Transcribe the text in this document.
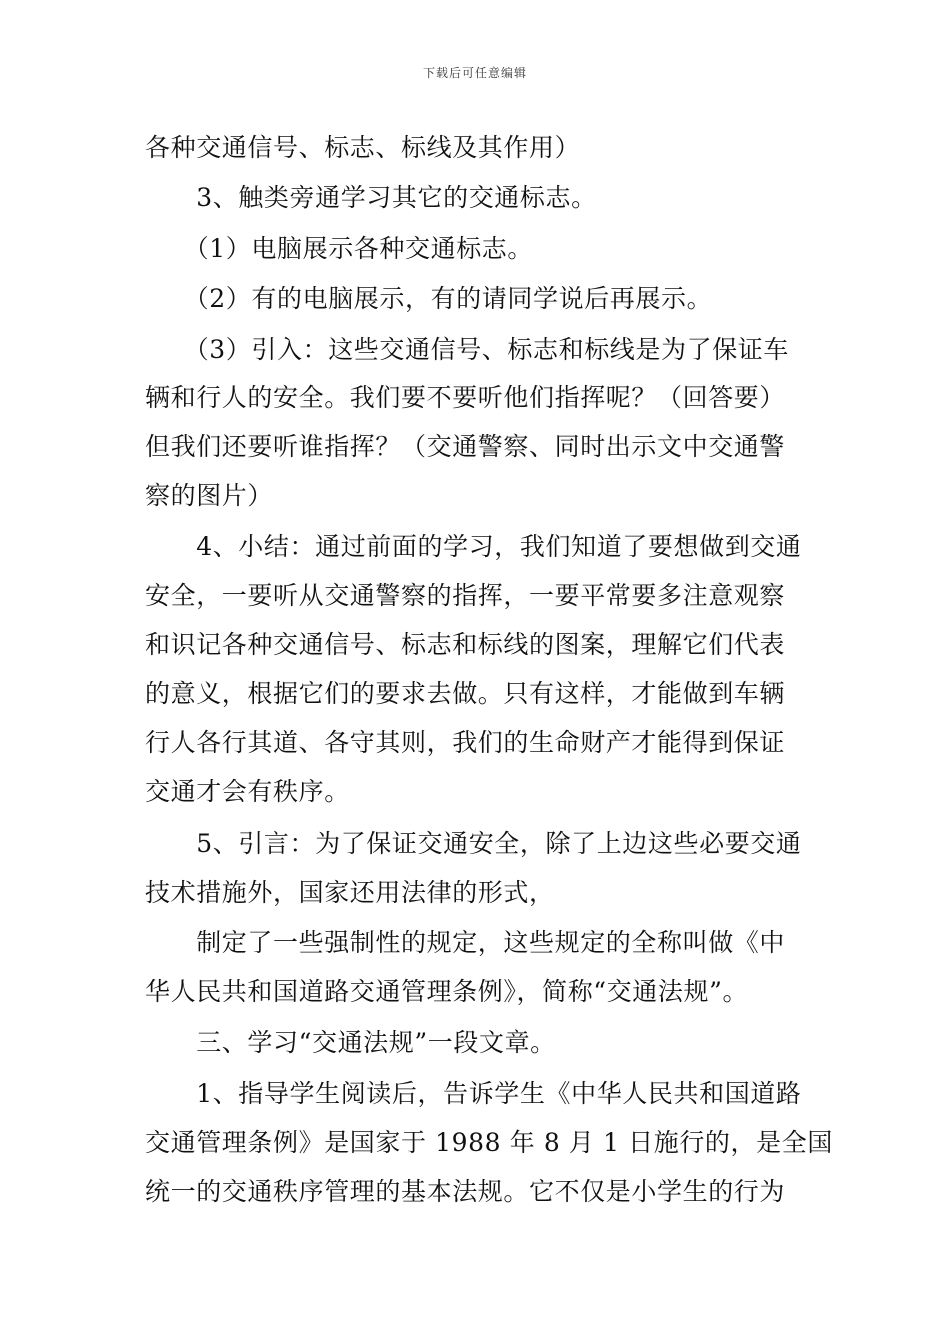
下载后可任意编辑
各种交通信号、标志、标线及其作用）
　　3、触类旁通学习其它的交通标志。
　　（1）电脑展示各种交通标志。
　　（2）有的电脑展示，有的请同学说后再展示。
　　（3）引入：这些交通信号、标志和标线是为了保证车
辆和行人的安全。我们要不要听他们指挥呢？（回答要）
但我们还要听谁指挥？（交通警察、同时出示文中交通警
察的图片）
　　4、小结：通过前面的学习，我们知道了要想做到交通
安全，一要听从交通警察的指挥，一要平常要多注意观察
和识记各种交通信号、标志和标线的图案，理解它们代表
的意义，根据它们的要求去做。只有这样，才能做到车辆
行人各行其道、各守其则，我们的生命财产才能得到保证
交通才会有秩序。
　　5、引言：为了保证交通安全，除了上边这些必要交通
技术措施外，国家还用法律的形式，
　　制定了一些强制性的规定，这些规定的全称叫做《中
华人民共和国道路交通管理条例》，简称“交通法规”。
　　三、学习“交通法规”一段文章。
　　1、指导学生阅读后，告诉学生《中华人民共和国道路
交通管理条例》是国家于 1988 年 8 月 1 日施行的，是全国
统一的交通秩序管理的基本法规。它不仅是小学生的行为
